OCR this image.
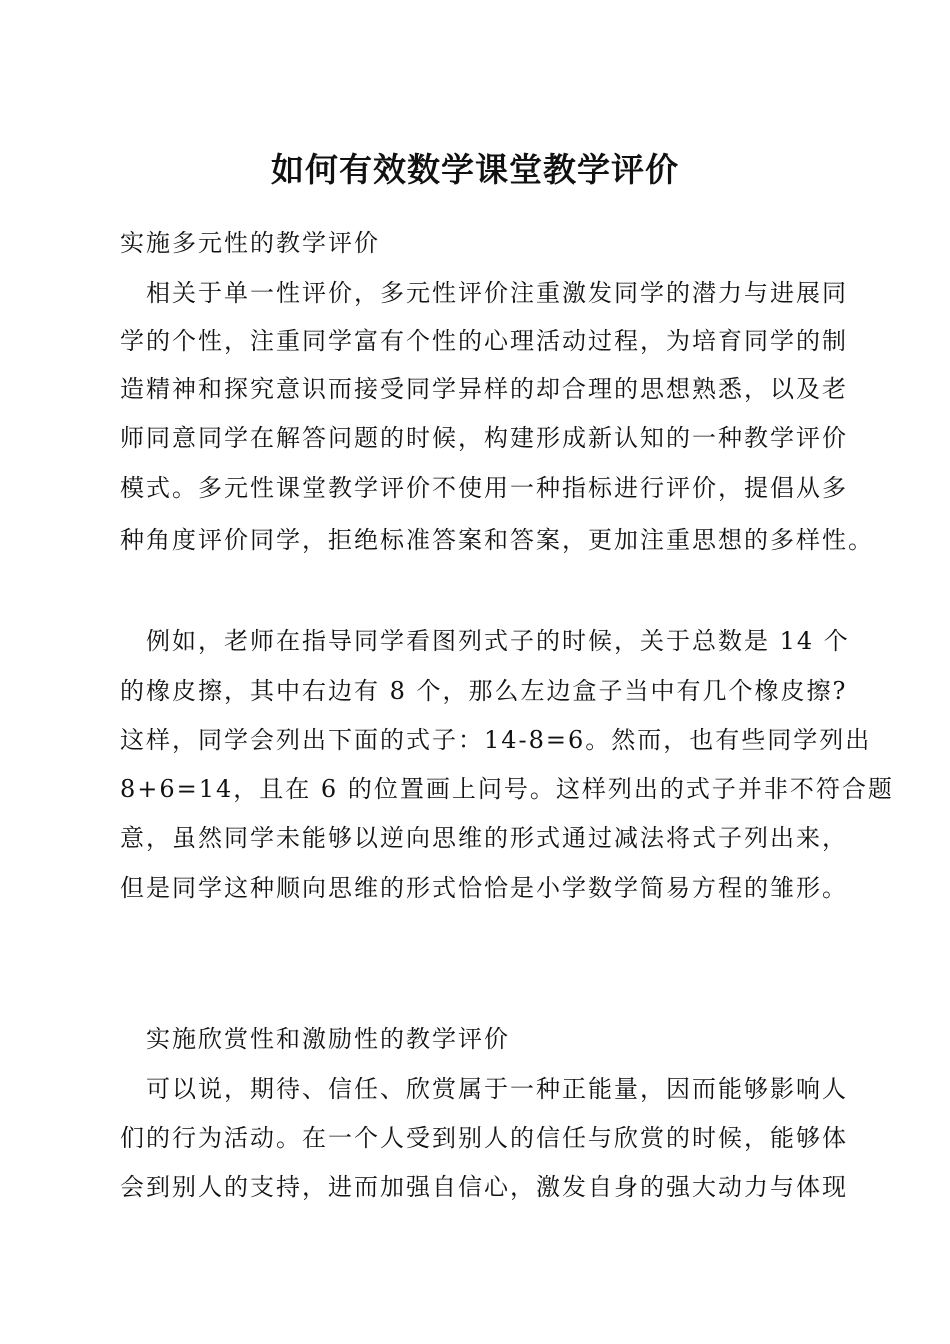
如何有效数学课堂教学评价
实施多元性的教学评价
相关于单一性评价，多元性评价注重激发同学的潜力与进展同
学的个性，注重同学富有个性的心理活动过程，为培育同学的制
造精神和探究意识而接受同学异样的却合理的思想熟悉，以及老
师同意同学在解答问题的时候，构建形成新认知的一种教学评价
模式。多元性课堂教学评价不使用一种指标进行评价，提倡从多
种角度评价同学，拒绝标准答案和答案，更加注重思想的多样性。
例如，老师在指导同学看图列式子的时候，关于总数是 14 个
的橡皮擦，其中右边有 8 个，那么左边盒子当中有几个橡皮擦?
这样，同学会列出下面的式子：14-8=6。然而，也有些同学列出
8+6=14，且在 6 的位置画上问号。这样列出的式子并非不符合题
意，虽然同学未能够以逆向思维的形式通过减法将式子列出来，
但是同学这种顺向思维的形式恰恰是小学数学简易方程的雏形。
实施欣赏性和激励性的教学评价
可以说，期待、信任、欣赏属于一种正能量，因而能够影响人
们的行为活动。在一个人受到别人的信任与欣赏的时候，能够体
会到别人的支持，进而加强自信心，激发自身的强大动力与体现
